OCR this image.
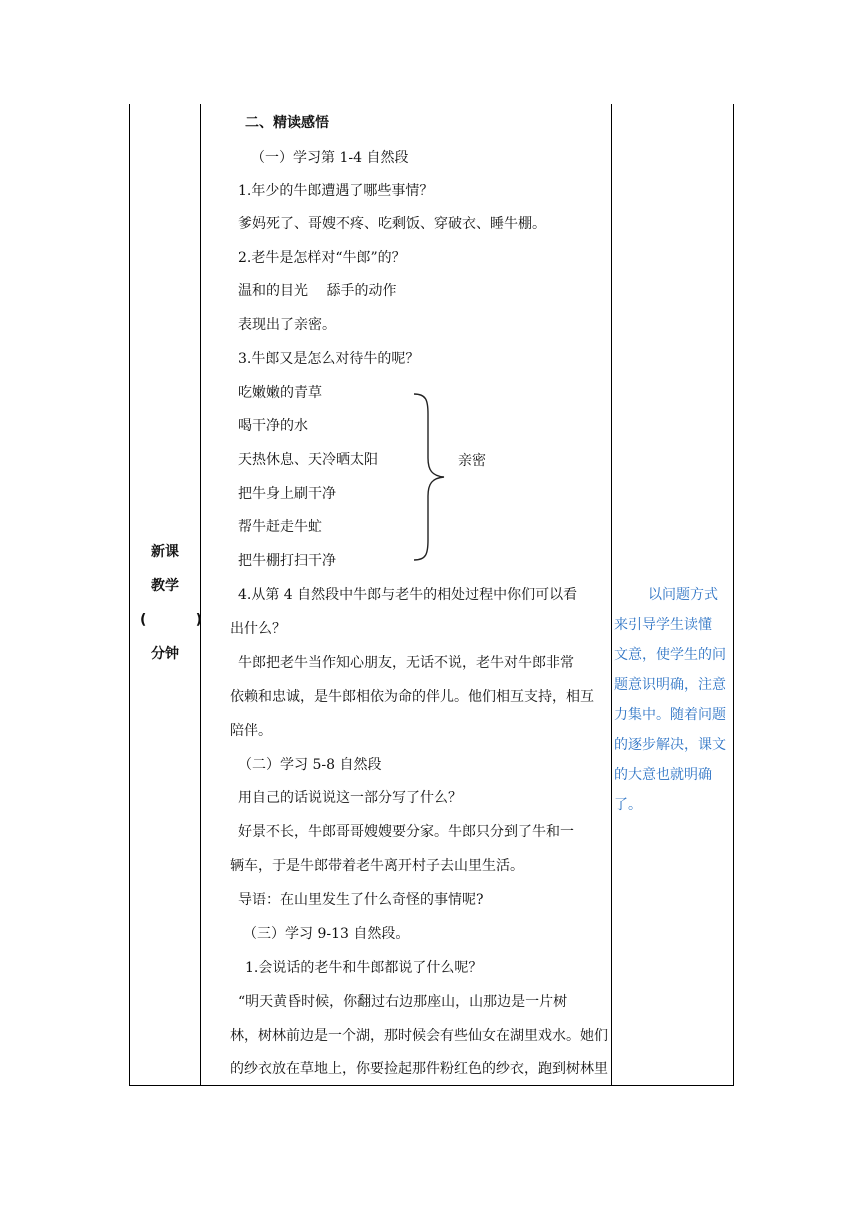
新课
教学
(	)
分钟
二、精读感悟
（一）学习第 1-4 自然段
1.年少的牛郎遭遇了哪些事情？
爹妈死了、哥嫂不疼、吃剩饭、穿破衣、睡牛棚。
2.老牛是怎样对“牛郎”的？
温和的目光　 舔手的动作
表现出了亲密。
3.牛郎又是怎么对待牛的呢？
吃嫩嫩的青草
喝干净的水
天热休息、天冷晒太阳
把牛身上刷干净
帮牛赶走牛虻
把牛棚打扫干净
亲密
4.从第 4 自然段中牛郎与老牛的相处过程中你们可以看
出什么？
牛郎把老牛当作知心朋友，无话不说，老牛对牛郎非常
依赖和忠诚，是牛郎相依为命的伴儿。他们相互支持，相互
陪伴。
（二）学习 5-8 自然段
用自己的话说说这一部分写了什么？
好景不长，牛郎哥哥嫂嫂要分家。牛郎只分到了牛和一
辆车，于是牛郎带着老牛离开村子去山里生活。
导语：在山里发生了什么奇怪的事情呢?
（三）学习 9-13 自然段。
1.会说话的老牛和牛郎都说了什么呢？
“明天黄昏时候，你翻过右边那座山，山那边是一片树
林，树林前边是一个湖，那时候会有些仙女在湖里戏水。她们
的纱衣放在草地上，你要捡起那件粉红色的纱衣，跑到树林里
以问题方式
来引导学生读懂
文意，使学生的问
题意识明确，注意
力集中。随着问题
的逐步解决，课文
的大意也就明确
了。
